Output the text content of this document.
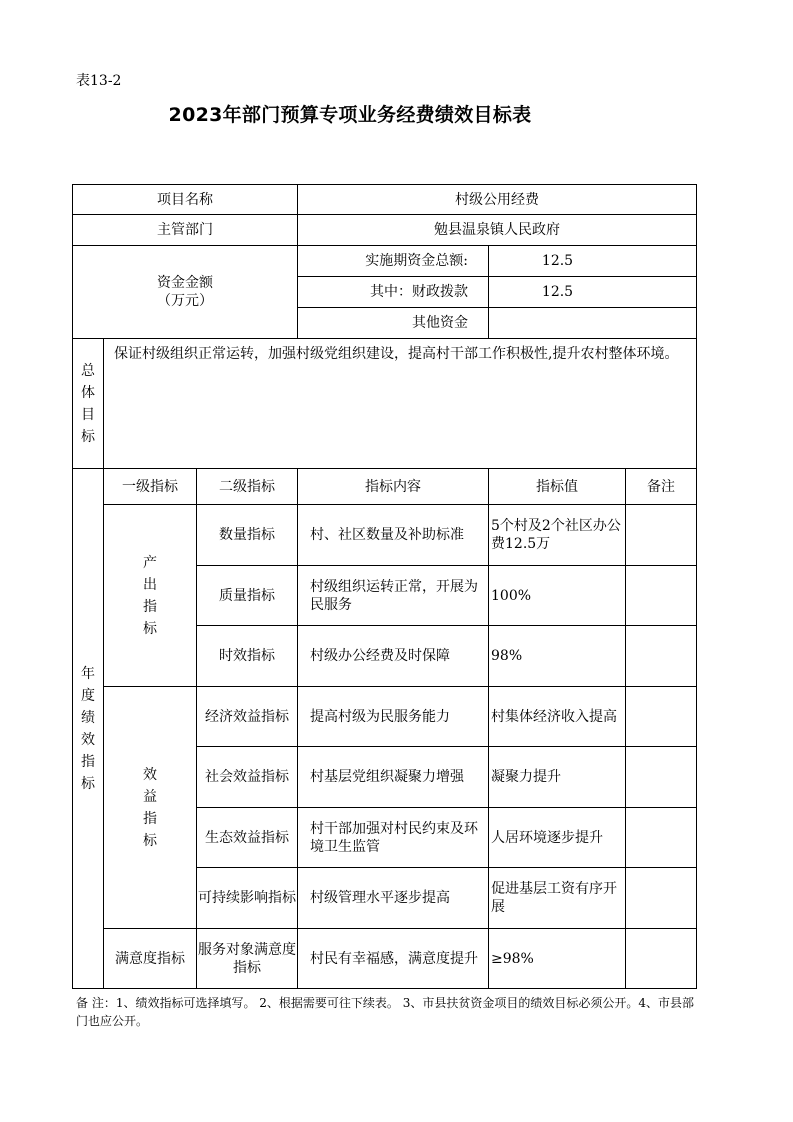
表13-2
2023年部门预算专项业务经费绩效目标表
项目名称			村级公用经费		
主管部门			勉县温泉镇人民政府		

资金金额
（万元）			实施期资金总额:	12.5	
			其中：财政拨款	12.5	
			其他资金		

总体目标	保证村级组织正常运转，加强村级党组织建设，提高村干部工作积极性,提升农村整体环境。				

年度绩效指标	一级指标	二级指标	指标内容	指标值	备注

	产出指标	数量指标	村、社区数量及补助标准	5个村及2个社区办公费12.5万	
		质量指标	村级组织运转正常，开展为民服务	100%	
		时效指标	村级办公经费及时保障	98%	

	效益指标	经济效益指标	提高村级为民服务能力	村集体经济收入提高	
		社会效益指标	村基层党组织凝聚力增强	凝聚力提升	
		生态效益指标	村干部加强对村民约束及环境卫生监管	人居环境逐步提升	
		可持续影响指标	村级管理水平逐步提高	促进基层工资有序开展	
	满意度指标	服务对象满意度指标	村民有幸福感，满意度提升	≥98%	
备 注：1、绩效指标可选择填写。 2、根据需要可往下续表。 3、市县扶贫资金项目的绩效目标必须公开。4、市县部门也应公开。
